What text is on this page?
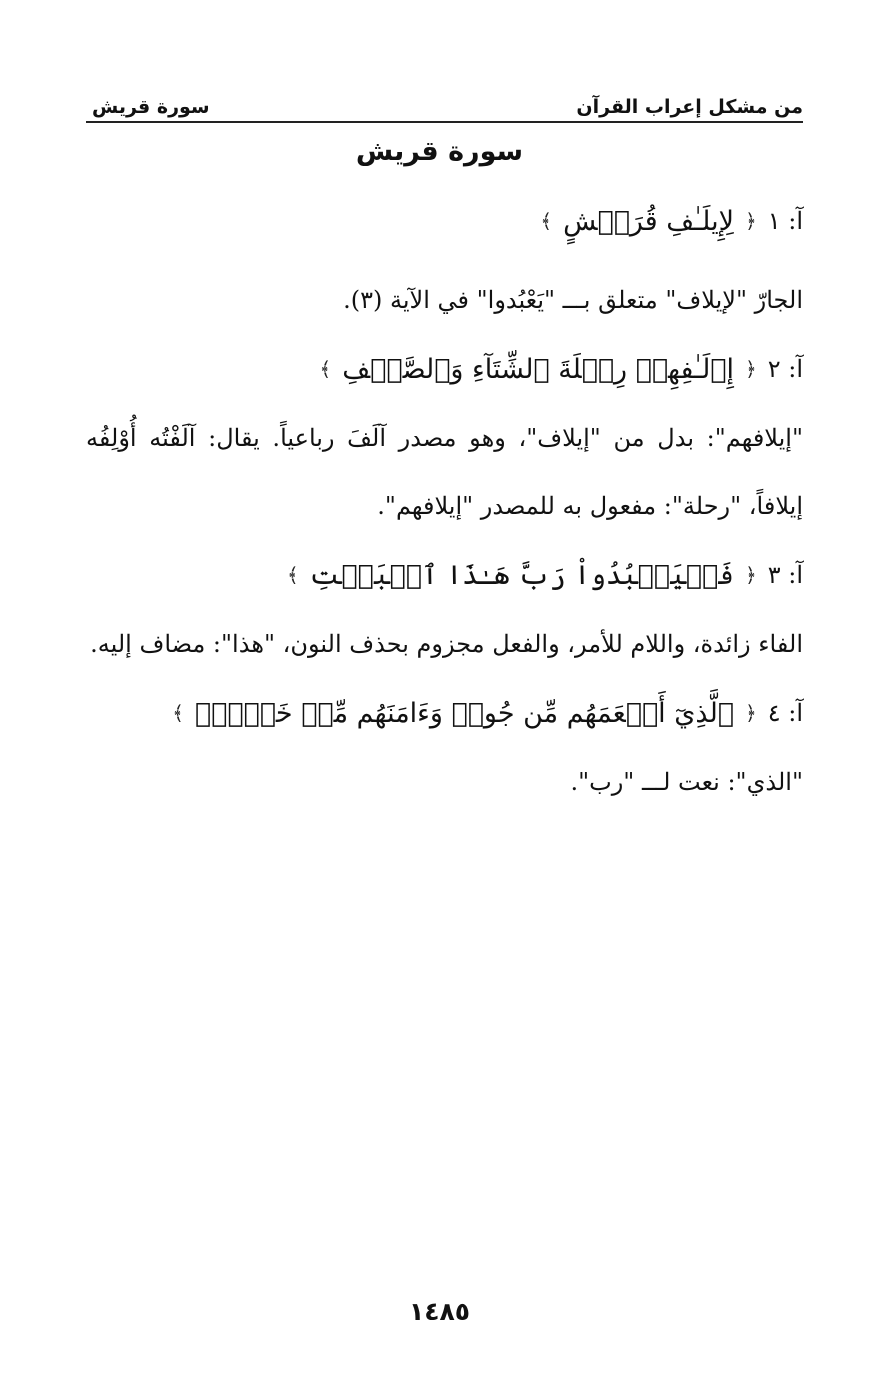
من مشكل إعراب القرآن
سورة قريش
سورة قريش
آ: ١
﴿
لِإِيلَـٰفِ قُرَيۡشٍ
﴾

الجارّ "لإيلاف" متعلق بـــ "يَعْبُدوا" في الآية (٣).

آ: ٢
﴿
إِۦلَـٰفِهِمۡ رِحۡلَةَ ٱلشِّتَآءِ وَٱلصَّيۡفِ
﴾

"إيلافهم": بدل من "إيلاف"، وهو مصدر آلَفَ رباعياً. يقال: آلَفْتُه أُوْلِفُه إيلافاً، "رحلة": مفعول به للمصدر "إيلافهم".

آ: ٣
﴿
فَلۡيَعۡبُدُواْ رَبَّ هَـٰذَا ٱلۡبَيۡتِ
﴾

الفاء زائدة، واللام للأمر، والفعل مجزوم بحذف النون، "هذا": مضاف إليه.

آ: ٤
﴿
ٱلَّذِيٓ أَطۡعَمَهُم مِّن جُوعٖ وَءَامَنَهُم مِّنۡ خَوۡفِۭ
﴾

"الذي": نعت لـــ "رب".

١٤٨٥
